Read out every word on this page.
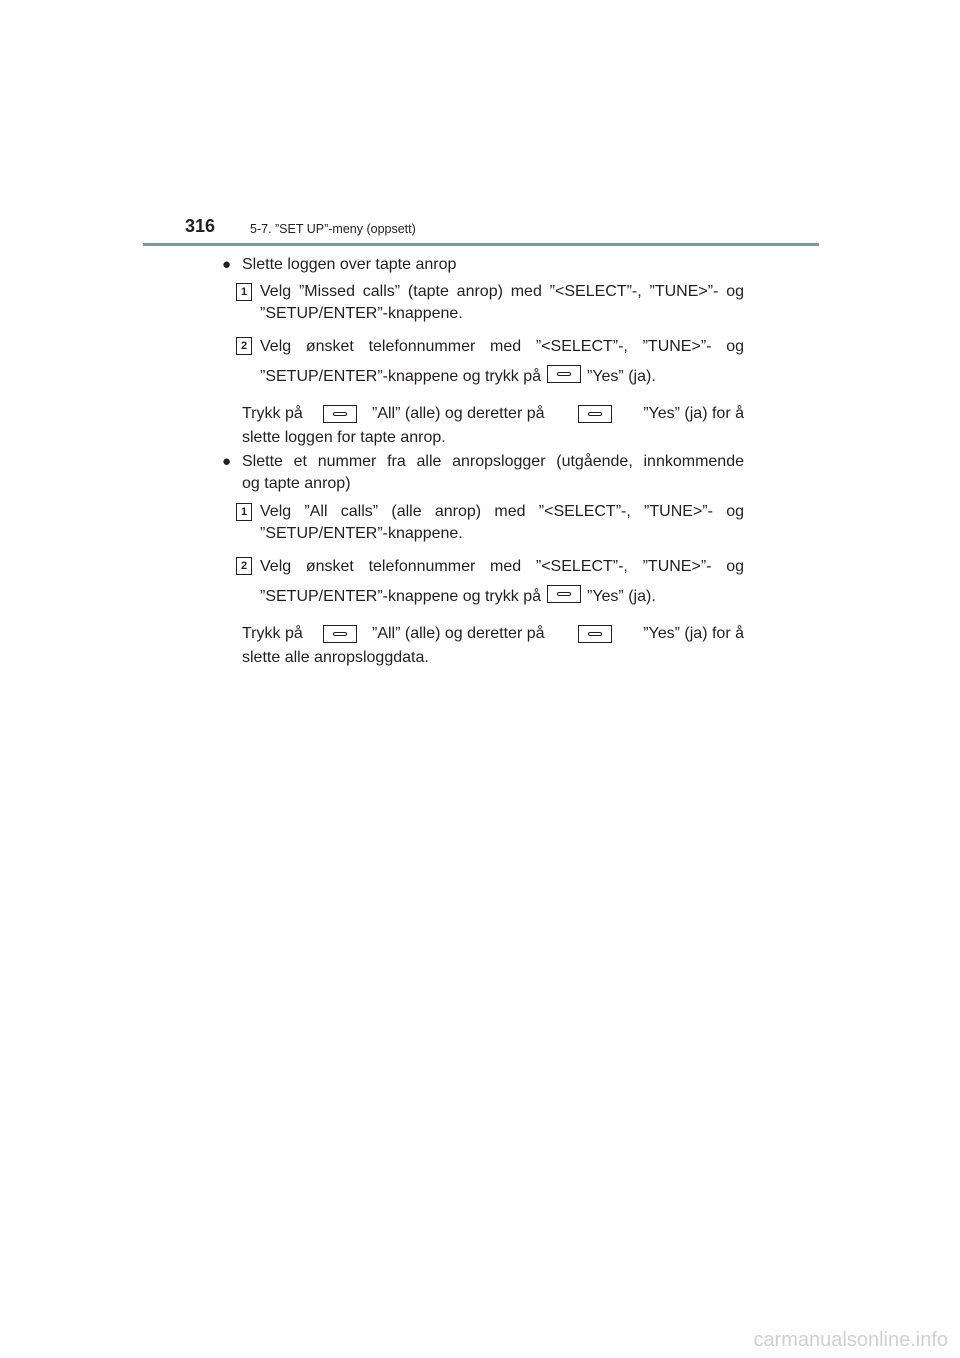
316	5-7. ”SET UP”-meny (oppsett)
● Slette loggen over tapte anrop
1 Velg ”Missed calls” (tapte anrop) med ”<SELECT”-, ”TUNE>”- og
”SETUP/ENTER”-knappene.
2 Velg ønsket telefonnummer med ”<SELECT”-, ”TUNE>”- og
”SETUP/ENTER”-knappene og trykk på	”Yes” (ja).
Trykk på	”All” (alle) og deretter på	”Yes” (ja) for å
slette loggen for tapte anrop.
● Slette et nummer fra alle anropslogger (utgående, innkommende
og tapte anrop)
1 Velg ”All calls” (alle anrop) med ”<SELECT”-, ”TUNE>”- og
”SETUP/ENTER”-knappene.
2 Velg ønsket telefonnummer med ”<SELECT”-, ”TUNE>”- og
”SETUP/ENTER”-knappene og trykk på	”Yes” (ja).
Trykk på	”All” (alle) og deretter på	”Yes” (ja) for å
slette alle anropsloggdata.
carmanualsonline.info
